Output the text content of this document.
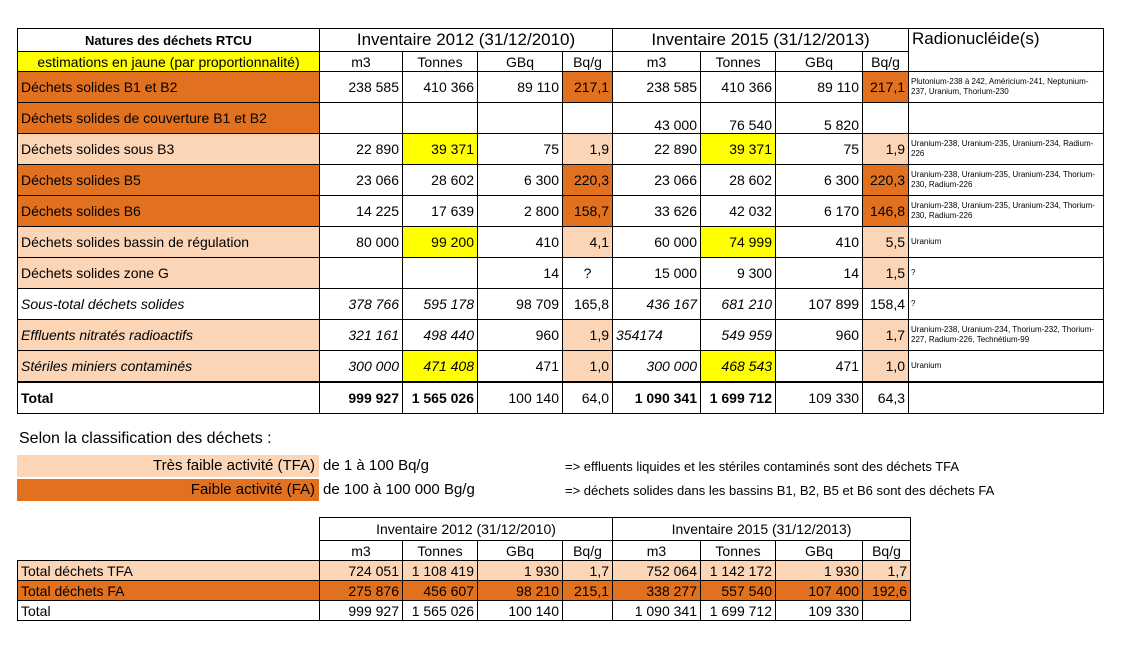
Natures des déchets RTCU	Inventaire 2012 (31/12/2010)				Inventaire 2015 (31/12/2013)				Radionucléide(s)
estimations en jaune (par proportionnalité)	m3	Tonnes	GBq	Bq/g	m3	Tonnes	GBq	Bq/g	
Déchets solides B1 et B2	238 585	410 366	89 110	217,1	238 585	410 366	89 110	217,1	Plutonium-238 à 242, Américium-241, Neptunium-237, Uranium, Thorium-230
Déchets solides de couverture B1 et B2					43 000	76 540	5 820		
Déchets solides sous B3	22 890	39 371	75	1,9	22 890	39 371	75	1,9	Uranium-238, Uranium-235, Uranium-234, Radium-226
Déchets solides B5	23 066	28 602	6 300	220,3	23 066	28 602	6 300	220,3	Uranium-238, Uranium-235, Uranium-234, Thorium-230, Radium-226
Déchets solides B6	14 225	17 639	2 800	158,7	33 626	42 032	6 170	146,8	Uranium-238, Uranium-235, Uranium-234, Thorium-230, Radium-226
Déchets solides bassin de régulation	80 000	99 200	410	4,1	60 000	74 999	410	5,5	Uranium
Déchets solides zone G			14	?	15 000	9 300	14	1,5	?
Sous-total déchets solides	378 766	595 178	98 709	165,8	436 167	681 210	107 899	158,4	?
Effluents nitratés radioactifs	321 161	498 440	960	1,9	354174	549 959	960	1,7	Uranium-238, Uranium-234, Thorium-232, Thorium-227, Radium-226, Technétium-99
Stériles miniers contaminés	300 000	471 408	471	1,0	300 000	468 543	471	1,0	Uranium
Total	999 927	1 565 026	100 140	64,0	1 090 341	1 699 712	109 330	64,3	
Selon la classification des déchets :
Très faible activité (TFA) de 1 à 100 Bq/g	=> effluents liquides et les stériles contaminés sont des déchets TFA
Faible activité (FA) de 100 à 100 000 Bg/g	=> déchets solides dans les bassins B1, B2, B5 et B6 sont des déchets FA
	Inventaire 2012 (31/12/2010)				Inventaire 2015 (31/12/2013)			
	m3	Tonnes	GBq	Bq/g	m3	Tonnes	GBq	Bq/g
Total déchets TFA	724 051	1 108 419	1 930	1,7	752 064	1 142 172	1 930	1,7
Total déchets FA	275 876	456 607	98 210	215,1	338 277	557 540	107 400	192,6
Total	999 927	1 565 026	100 140		1 090 341	1 699 712	109 330	
